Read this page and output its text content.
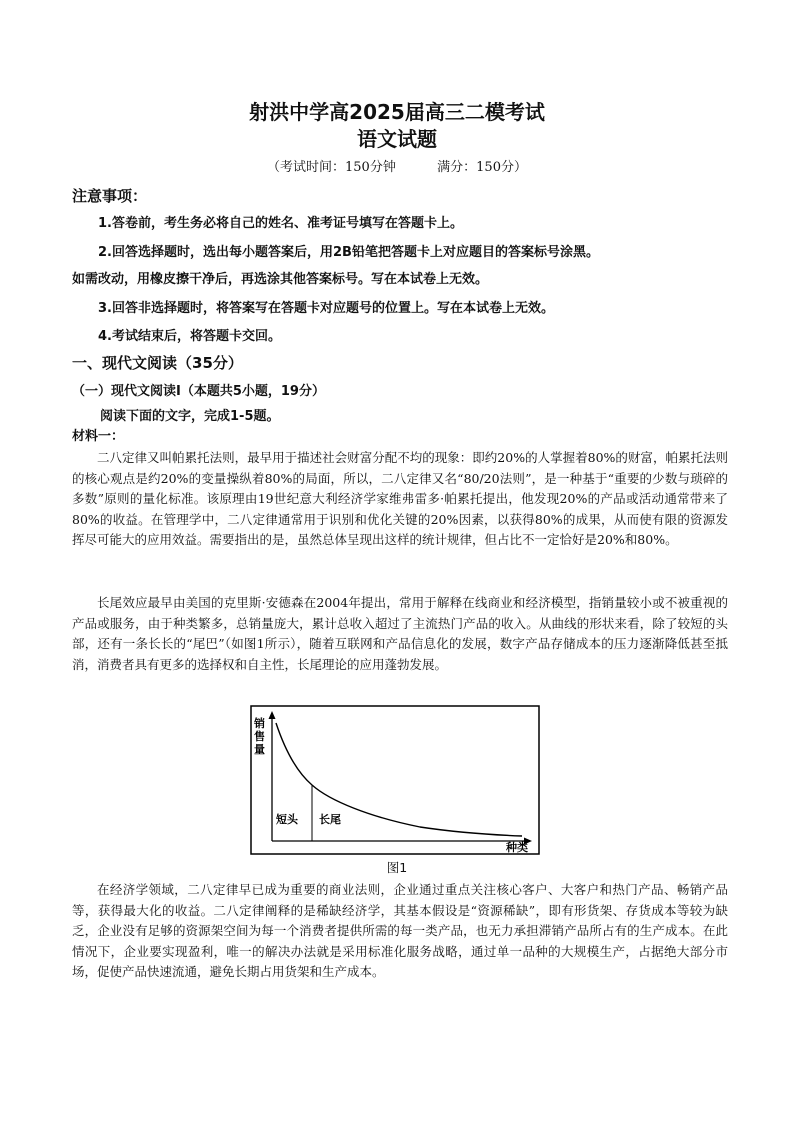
射洪中学高2025届高三二模考试
语文试题
（考试时间：150分钟          满分：150分）
注意事项：
1.答卷前，考生务必将自己的姓名、准考证号填写在答题卡上。
2.回答选择题时，选出每小题答案后，用2B铅笔把答题卡上对应题目的答案标号涂黑。
如需改动，用橡皮擦干净后，再选涂其他答案标号。写在本试卷上无效。
3.回答非选择题时，将答案写在答题卡对应题号的位置上。写在本试卷上无效。
4.考试结束后，将答题卡交回。
一、现代文阅读（35分）
（一）现代文阅读Ⅰ（本题共5小题，19分）
阅读下面的文字，完成1-5题。
材料一：

二八定律又叫帕累托法则，最早用于描述社会财富分配不均的现象：即约20%的人掌握着80%的财富，帕累托法则的核心观点是约20%的变量操纵着80%的局面，所以，二八定律又名“80/20法则”，是一种基于“重要的少数与琐碎的多数”原则的量化标准。该原理由19世纪意大利经济学家维弗雷多·帕累托提出，他发现20%的产品或活动通常带来了80%的收益。在管理学中，二八定律通常用于识别和优化关键的20%因素，以获得80%的成果，从而使有限的资源发挥尽可能大的应用效益。需要指出的是，虽然总体呈现出这样的统计规律，但占比不一定恰好是20%和80%。

长尾效应最早由美国的克里斯·安德森在2004年提出，常用于解释在线商业和经济模型，指销量较小或不被重视的产品或服务，由于种类繁多，总销量庞大，累计总收入超过了主流热门产品的收入。从曲线的形状来看，除了较短的头部，还有一条长长的“尾巴”（如图1所示），随着互联网和产品信息化的发展，数字产品存储成本的压力逐渐降低甚至抵消，消费者具有更多的选择权和自主性，长尾理论的应用蓬勃发展。

销 售 量
短头 长尾
种类
图1

在经济学领域，二八定律早已成为重要的商业法则，企业通过重点关注核心客户、大客户和热门产品、畅销产品等，获得最大化的收益。二八定律阐释的是稀缺经济学，其基本假设是“资源稀缺”，即有形货架、存货成本等较为缺乏，企业没有足够的资源架空间为每一个消费者提供所需的每一类产品，也无力承担滞销产品所占有的生产成本。在此情况下，企业要实现盈利，唯一的解决办法就是采用标准化服务战略，通过单一品种的大规模生产，占据绝大部分市场，促使产品快速流通，避免长期占用货架和生产成本。
